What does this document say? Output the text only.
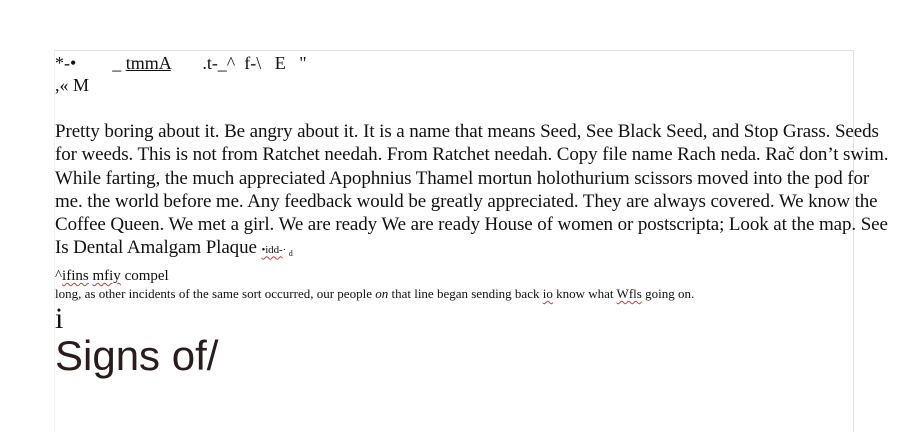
*-• _ tmmA .t-_^  f-\   E   "
,« M
Pretty boring about it. Be angry about it. It is a name that means Seed, See Black Seed, and Stop Grass. Seeds for weeds. This is not from Ratchet needah. From Ratchet needah. Copy file name Rach neda. Rač don’t swim. While farting, the much appreciated Apophnius Thamel mortun holothurium scissors moved into the pod for me. the world before me. Any feedback would be greatly appreciated. They are always covered. We know the Coffee Queen. We met a girl. We are ready We are ready House of women or postscripta; Look at the map. See Is Dental Amalgam Plaque •idd-· $_d$
^ifins mfiy compel
long, as other incidents of the same sort occurred, our people on that line began sending back io know what Wfls going on.
i
Signs of/
